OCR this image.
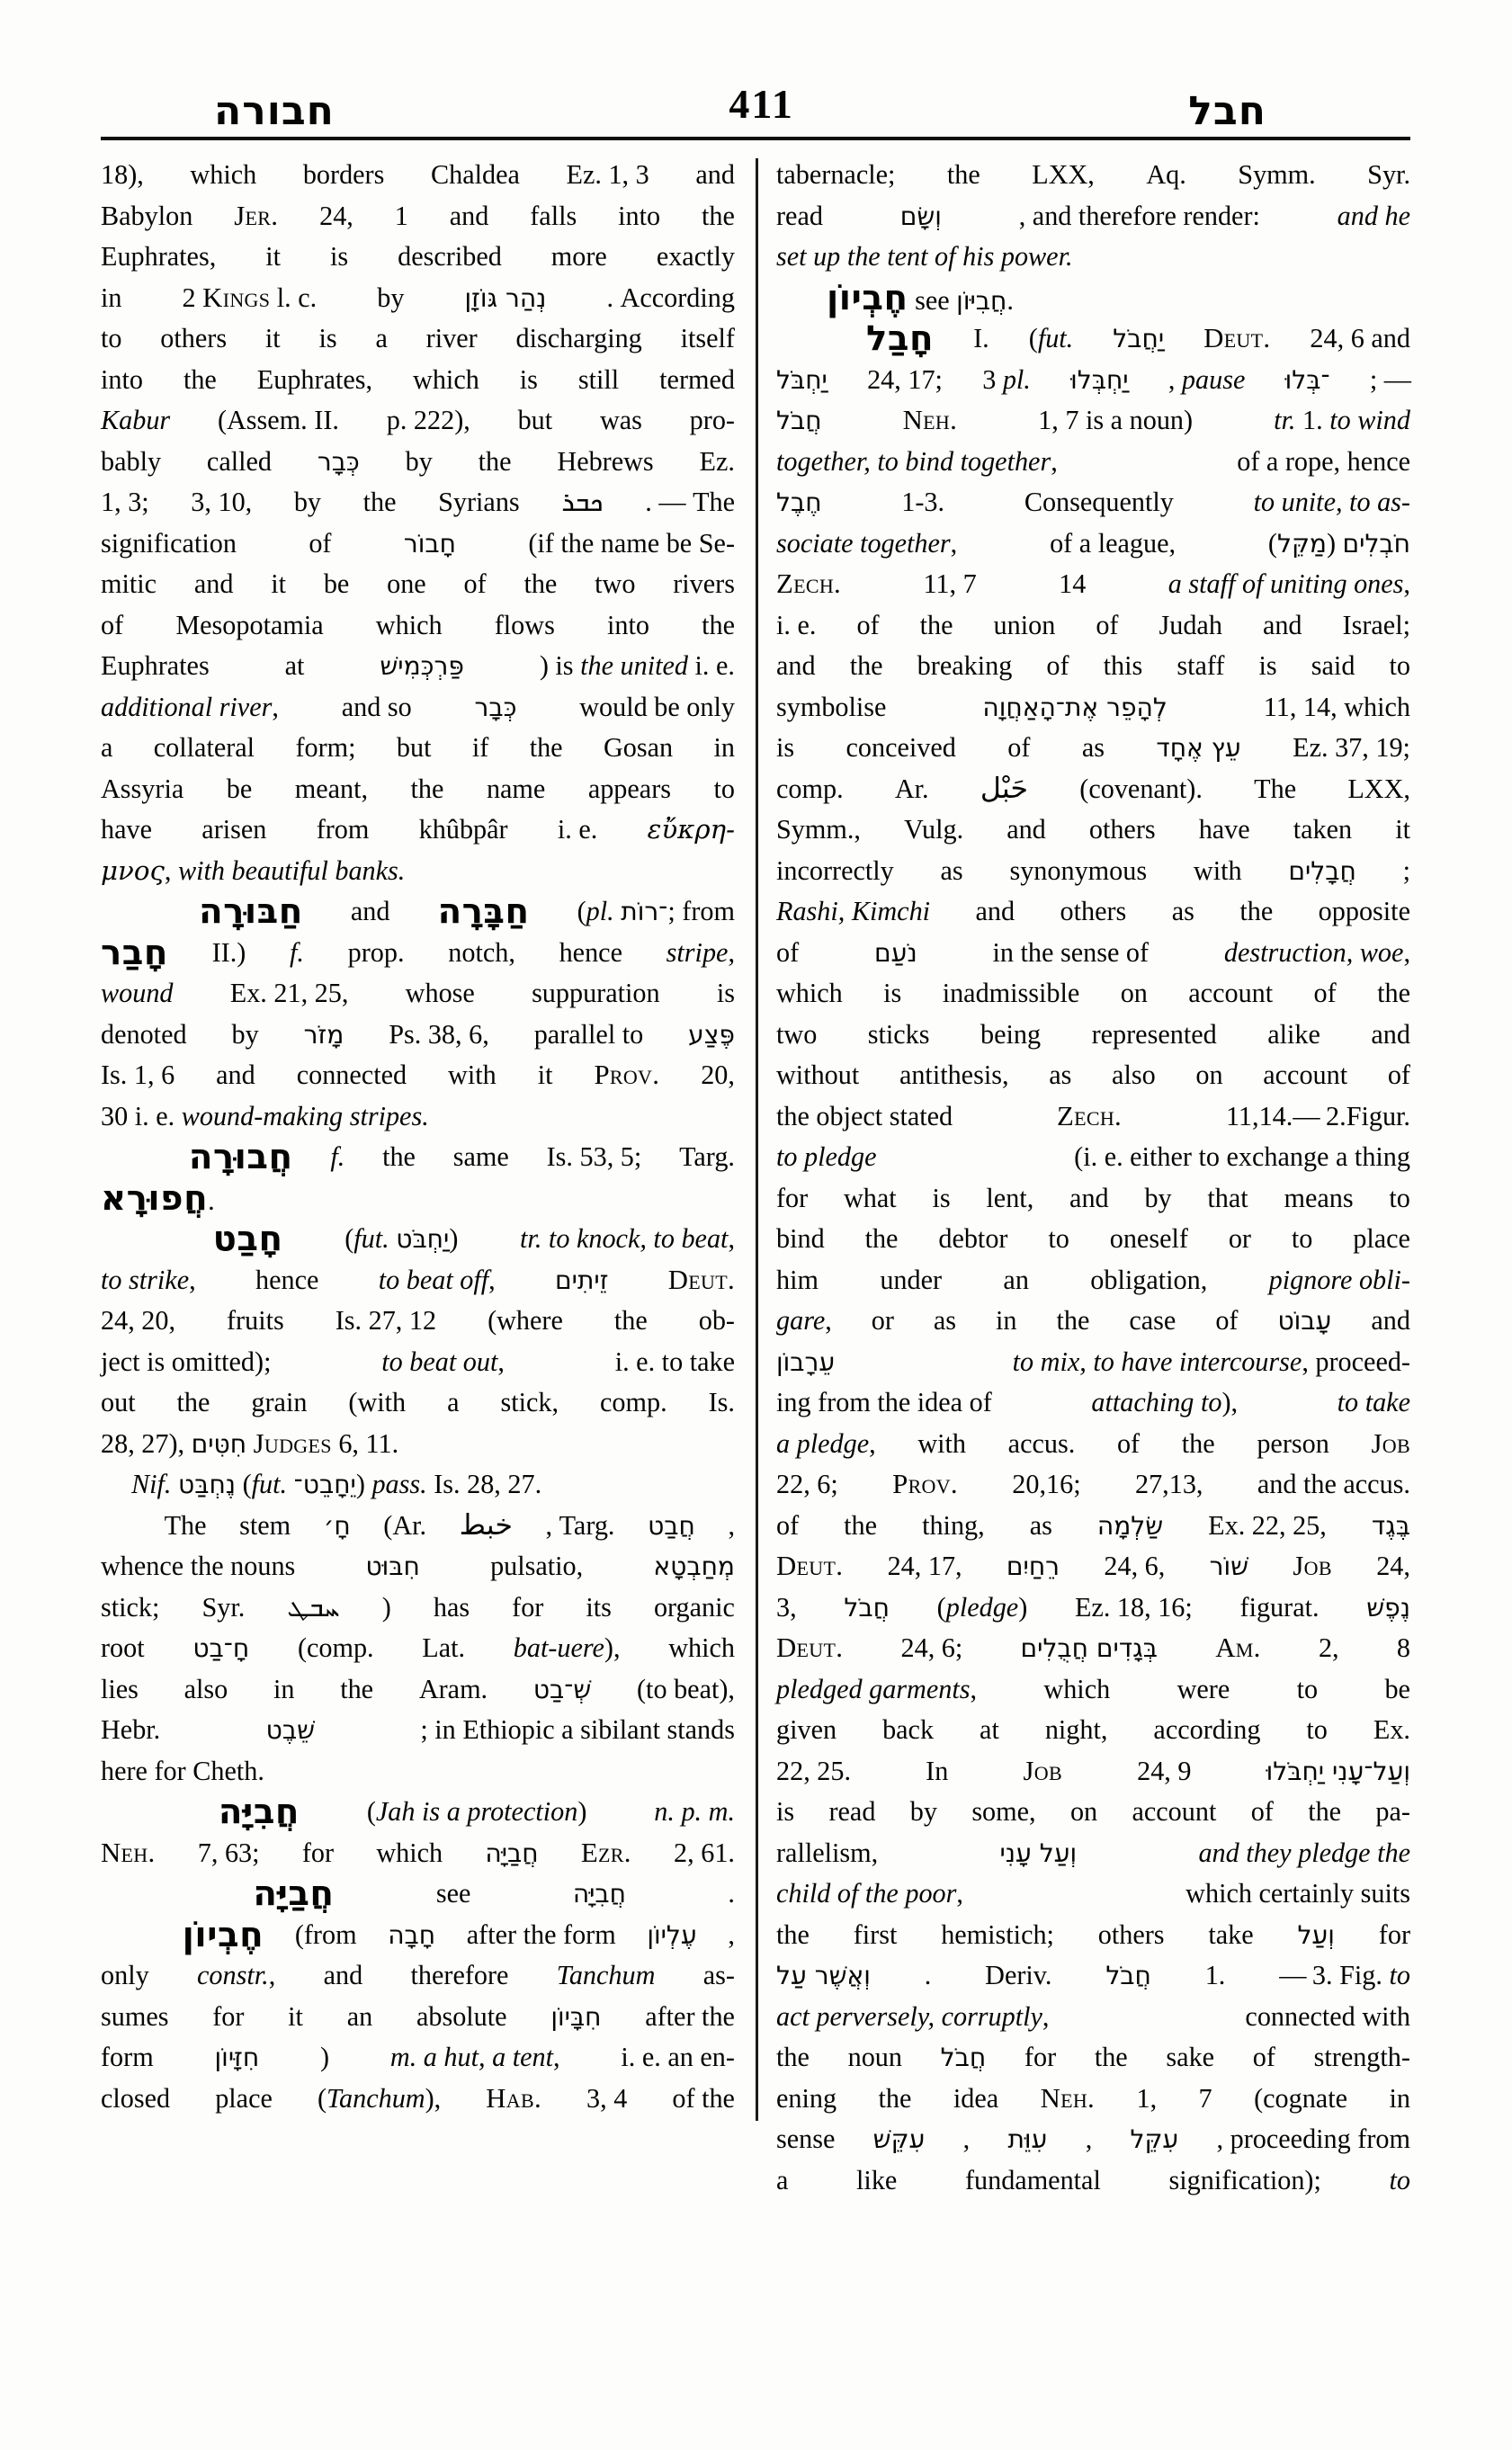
חבורה	411	חבל
18), which borders Chaldea Ez. 1, 3 and
Babylon Jer. 24, 1 and falls into the
Euphrates, it is described more exactly
in 2 Kings l. c. by נְהַר גּוֹזָן . According
to others it is a river discharging itself
into the Euphrates, which is still termed
Kabur (Assem. II. p. 222), but was pro-
bably called כְּבָר by the Hebrews Ez.
1, 3; 3, 10, by the Syrians ܟܒܪ . — The
signification	of	חָבוֹר	(if the name be Se-
mitic and it be one of the two rivers
of Mesopotamia which flows into the
Euphrates	at	פַּרְכְּמִישׁ	) is the united i. e.
additional river, and so כְּבָר would be only
a collateral form; but if the Gosan in
Assyria be meant, the name appears to
have arisen from khûbpâr i. e. εὔκρη-
μνος, with beautiful banks.
חַבּוּרָה and חַבָּרָה (pl. ־רוֹת; from
חָבַר II.) f. prop. notch, hence stripe,
wound Ex. 21, 25, whose suppuration is
denoted by מָזֹר Ps. 38, 6, parallel to פֶּצַע
Is. 1, 6 and connected with it Prov. 20,
30 i. e. wound-making stripes.
חֲבוּרָה f. the same Is. 53, 5; Targ.
חֲפוּרָא.
חָבַט (fut. יַחְבֹּט) tr. to knock, to beat,
to strike, hence to beat off, זֵיתִים Deut.
24, 20, fruits Is. 27, 12 (where the ob-
ject is omitted);	to beat out,	i. e. to take
out the grain (with a stick, comp. Is.
28, 27), חִטִּים Judges 6, 11.
Nif. נֶחְבַּט (fut. יֵחָבֵט־) pass. Is. 28, 27.
The stem חָ׳ (Ar. خبط , Targ. חֲבַט ,
whence the nouns	חִבּוּט	pulsatio,	מְחַבְטָא
stick; Syr. ܚܒܛ ) has for its organic
root חָ־בַט (comp. Lat. bat-uere), which
lies also in the Aram. שְׁ־בַט (to beat),
Hebr.	שֵׁבֶט	; in Ethiopic a sibilant stands
here for Cheth.
חֲבִיָּה (Jah is a protection) n. p. m.
Neh. 7, 63; for which חֲבַיָּה Ezr. 2, 61.
חֲבַיָּה	see	חֲבִיָּה	.
חֶבְיוֹן (from חָבָה after the form עֶלְיוֹן ,
only constr., and therefore Tanchum as-
sumes for it an absolute חִבָּיוֹן after the
form חִזָּיוֹן ) m. a hut, a tent, i. e. an en-
closed place (Tanchum), Hab. 3, 4 of the
tabernacle; the LXX, Aq. Symm. Syr.
read	וְשָׂם	, and therefore render:	and he
set up the tent of his power.
חֶבְיוֹן see חֲבִיּוֹן.
חָבַל I. (fut. יַחֲבֹל Deut. 24, 6 and
יַחְבֹּל 24, 17; 3 pl. יַחְבְּלוּ , pause ־בְּלוּ ; —
חֲבֹל	Neh.	1, 7 is a noun)	tr. 1. to wind
together, to bind together,	of a rope, hence
חֶבֶל	1-3.	Consequently	to unite, to as-
sociate together,	of a league,	(מַקֵּל) חֹבְלִים
Zech.	11, 7	14	a staff of uniting ones,
i. e. of the union of Judah and Israel;
and the breaking of this staff is said to
symbolise	לְהָפֵר אֶת־הָאַחֲוָה	11, 14, which
is conceived of as עֵץ אֶחָד Ez. 37, 19;
comp. Ar. حَبْل (covenant). The LXX,
Symm., Vulg. and others have taken it
incorrectly as synonymous with חֲבָלִים ;
Rashi, Kimchi and others as the opposite
of	נֹעַם	in the sense of	destruction, woe,
which is inadmissible on account of the
two sticks being represented alike and
without antithesis, as also on account of
the object stated	Zech.	11,14.— 2.Figur.
to pledge	(i. e. either to exchange a thing
for what is lent, and by that means to
bind the debtor to oneself or to place
him under an obligation, pignore obli-
gare, or as in the case of עָבוֹט and
עֵרָבוֹן	to mix, to have intercourse, proceed-
ing from the idea of	attaching to),	to take
a pledge, with accus. of the person Job
22, 6; Prov. 20,16; 27,13, and the accus.
of the thing, as שַׂלְמָה Ex. 22, 25, בֶּגֶד
Deut. 24, 17, רֵחַיִם 24, 6, שׁוֹר Job 24,
3, חֲבֹל (pledge) Ez. 18, 16; figurat. נֶפֶשׁ
Deut. 24, 6; בְּגָדִים חֲבֻלִים Am. 2, 8
pledged garments, which were to be
given back at night, according to Ex.
22, 25.	In	Job	24, 9	וְעַל־עָנִי יַחְבֹּלוּ
is read by some, on account of the pa-
rallelism,	וְעַל עָנִי	and they pledge the
child of the poor,	which certainly suits
the first hemistich; others take וְעַל for
וְאֲשֶׁר עַל . Deriv. חֲבֹל 1. — 3. Fig. to
act perversely, corruptly,	connected with
the noun חֲבֹל for the sake of strength-
ening the idea Neh. 1, 7 (cognate in
sense עִקֵּשׁ , עִוֵּת , עִקֵּל , proceeding from
a	like	fundamental	signification);	to
